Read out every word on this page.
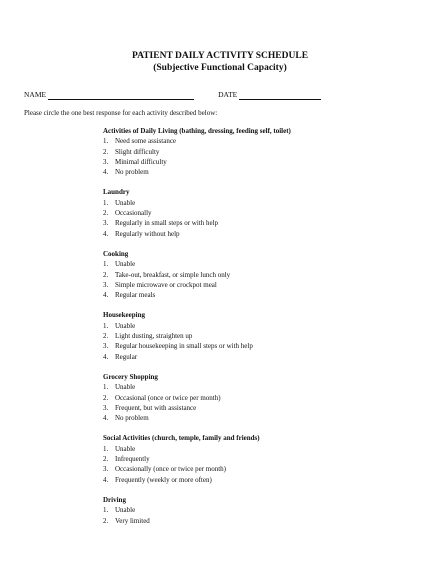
PATIENT DAILY ACTIVITY SCHEDULE
(Subjective Functional Capacity)
NAME	DATE
Please circle the one best response for each activity described below:
Activities of Daily Living (bathing, dressing, feeding self, toilet)
1. Need some assistance
2. Slight difficulty
3. Minimal difficulty
4. No problem
Laundry
1. Unable
2. Occasionally
3. Regularly in small steps or with help
4. Regularly without help
Cooking
1. Unable
2. Take-out, breakfast, or simple lunch only
3. Simple microwave or crockpot meal
4. Regular meals
Housekeeping
1. Unable
2. Light dusting, straighten up
3. Regular housekeeping in small steps or with help
4. Regular
Grocery Shopping
1. Unable
2. Occasional (once or twice per month)
3. Frequent, but with assistance
4. No problem
Social Activities (church, temple, family and friends)
1. Unable
2. Infrequently
3. Occasionally (once or twice per month)
4. Frequently (weekly or more often)
Driving
1. Unable
2. Very limited
